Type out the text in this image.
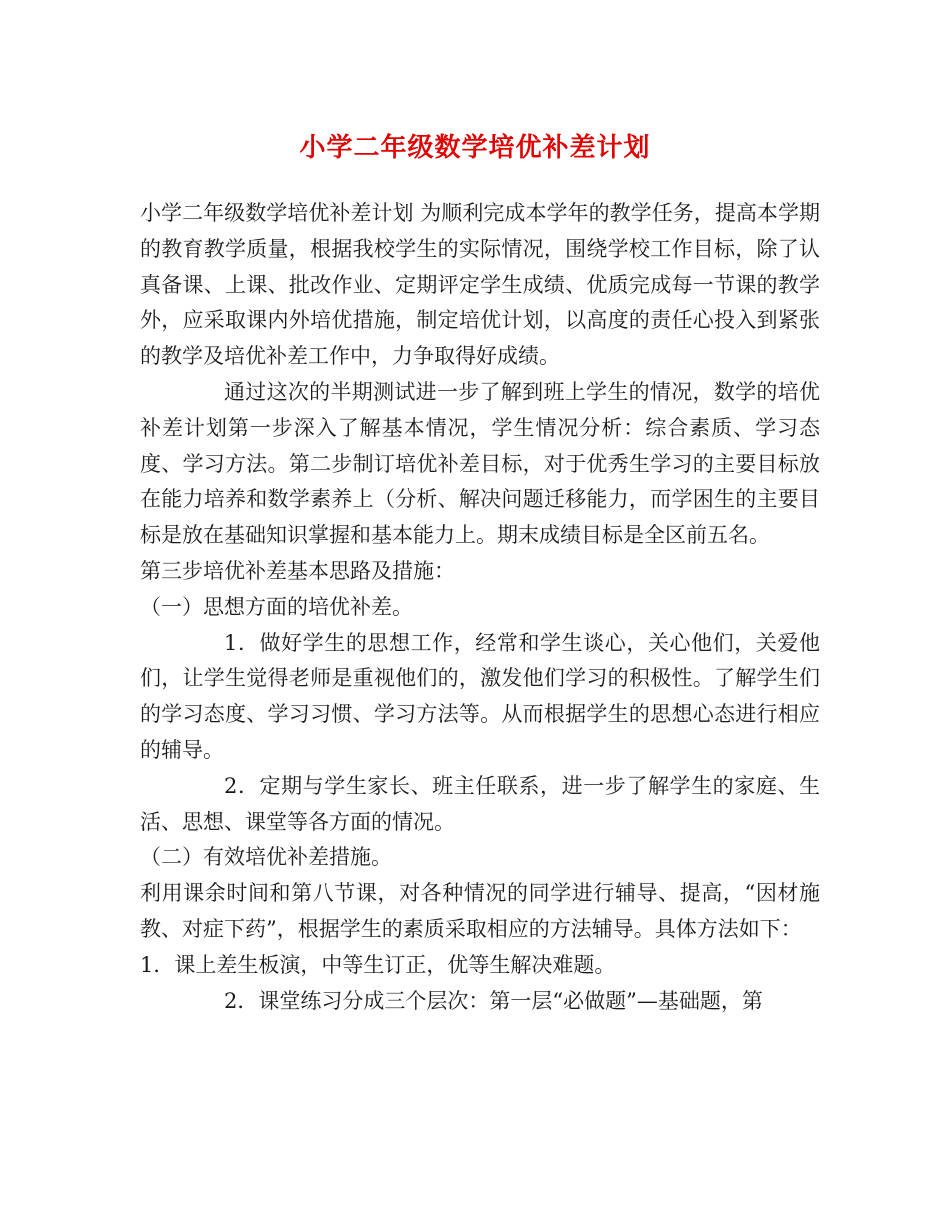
小学二年级数学培优补差计划

小学二年级数学培优补差计划 为顺利完成本学年的教学任务，提高本学期的教育教学质量，根据我校学生的实际情况，围绕学校工作目标，除了认真备课、上课、批改作业、定期评定学生成绩、优质完成每一节课的教学外，应采取课内外培优措施，制定培优计划，以高度的责任心投入到紧张的教学及培优补差工作中，力争取得好成绩。

通过这次的半期测试进一步了解到班上学生的情况，数学的培优补差计划第一步深入了解基本情况，学生情况分析：综合素质、学习态度、学习方法。第二步制订培优补差目标，对于优秀生学习的主要目标放在能力培养和数学素养上（分析、解决问题迁移能力，而学困生的主要目标是放在基础知识掌握和基本能力上。期末成绩目标是全区前五名。

第三步培优补差基本思路及措施：

（一）思想方面的培优补差。

1．做好学生的思想工作，经常和学生谈心，关心他们，关爱他们，让学生觉得老师是重视他们的，激发他们学习的积极性。了解学生们的学习态度、学习习惯、学习方法等。从而根据学生的思想心态进行相应的辅导。

2．定期与学生家长、班主任联系，进一步了解学生的家庭、生活、思想、课堂等各方面的情况。

（二）有效培优补差措施。

利用课余时间和第八节课，对各种情况的同学进行辅导、提高，“因材施教、对症下药”，根据学生的素质采取相应的方法辅导。具体方法如下：

1．课上差生板演，中等生订正，优等生解决难题。

2．课堂练习分成三个层次：第一层“必做题”—基础题，第
